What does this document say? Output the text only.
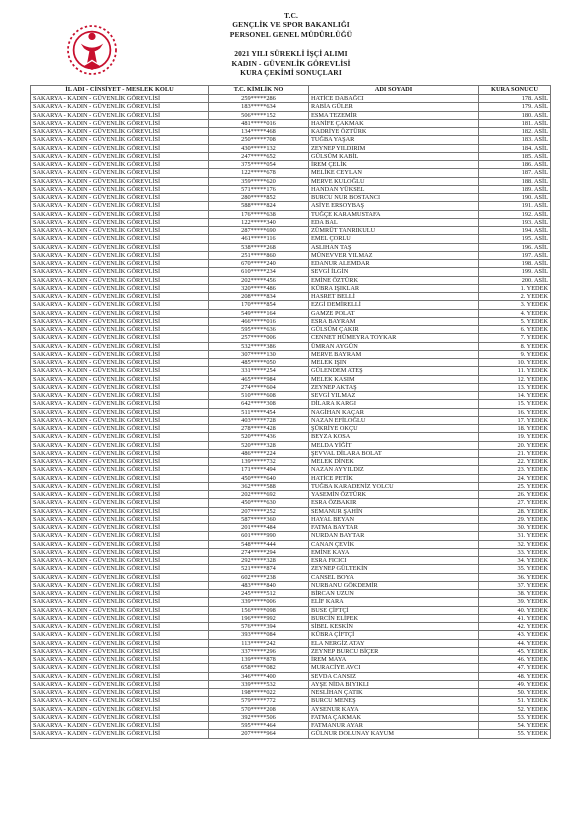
T.C.
GENÇLİK VE SPOR BAKANLIĞI
PERSONEL GENEL MÜDÜRLÜĞÜ
2021 YILI SÜREKLİ İŞÇİ ALIMI
KADIN - GÜVENLİK GÖREVLİSİ
KURA ÇEKİMİ SONUÇLARI
İL ADI - CİNSİYET - MESLEK KOLU	T.C. KİMLİK NO	ADI SOYADI	KURA SONUCU
SAKARYA - KADIN - GÜVENLİK GÖREVLİSİ	259*****286	HATİCE DABAĞCI	178. ASİL
SAKARYA - KADIN - GÜVENLİK GÖREVLİSİ	183*****634	RABİA GÜLER	179. ASİL
SAKARYA - KADIN - GÜVENLİK GÖREVLİSİ	506*****152	ESMA TEZEMİR	180. ASİL
SAKARYA - KADIN - GÜVENLİK GÖREVLİSİ	481*****016	HANİFE ÇAKMAK	181. ASİL
SAKARYA - KADIN - GÜVENLİK GÖREVLİSİ	134*****468	KADRİYE ÖZTÜRK	182. ASİL
SAKARYA - KADIN - GÜVENLİK GÖREVLİSİ	250*****708	TUĞBA YAŞAR	183. ASİL
SAKARYA - KADIN - GÜVENLİK GÖREVLİSİ	430*****132	ZEYNEP YILDIRIM	184. ASİL
SAKARYA - KADIN - GÜVENLİK GÖREVLİSİ	247*****652	GÜLSÜM KABİL	185. ASİL
SAKARYA - KADIN - GÜVENLİK GÖREVLİSİ	375*****054	İREM ÇELİK	186. ASİL
SAKARYA - KADIN - GÜVENLİK GÖREVLİSİ	122*****678	MELİKE CEYLAN	187. ASİL
SAKARYA - KADIN - GÜVENLİK GÖREVLİSİ	359*****620	MERVE KULOĞLU	188. ASİL
SAKARYA - KADIN - GÜVENLİK GÖREVLİSİ	571*****176	HANDAN YÜKSEL	189. ASİL
SAKARYA - KADIN - GÜVENLİK GÖREVLİSİ	280*****852	BURCU NUR BOSTANCI	190. ASİL
SAKARYA - KADIN - GÜVENLİK GÖREVLİSİ	588*****824	ASİYE ERSOYBAŞ	191. ASİL
SAKARYA - KADIN - GÜVENLİK GÖREVLİSİ	176*****638	TUĞÇE KARAMUSTAFA	192. ASİL
SAKARYA - KADIN - GÜVENLİK GÖREVLİSİ	122*****340	EDA BAL	193. ASİL
SAKARYA - KADIN - GÜVENLİK GÖREVLİSİ	287*****690	ZÜMRÜT TANRIKULU	194. ASİL
SAKARYA - KADIN - GÜVENLİK GÖREVLİSİ	461*****116	EMEL ÇORLU	195. ASİL
SAKARYA - KADIN - GÜVENLİK GÖREVLİSİ	538*****268	ASLIHAN TAŞ	196. ASİL
SAKARYA - KADIN - GÜVENLİK GÖREVLİSİ	251*****860	MÜNEVVER YILMAZ	197. ASİL
SAKARYA - KADIN - GÜVENLİK GÖREVLİSİ	670*****240	EDANUR ALEMDAR	198. ASİL
SAKARYA - KADIN - GÜVENLİK GÖREVLİSİ	610*****234	SEVGİ İLGİN	199. ASİL
SAKARYA - KADIN - GÜVENLİK GÖREVLİSİ	202*****456	EMİNE ÖZTÜRK	200. ASİL
SAKARYA - KADIN - GÜVENLİK GÖREVLİSİ	320*****486	KÜBRA IŞIKLAR	1. YEDEK
SAKARYA - KADIN - GÜVENLİK GÖREVLİSİ	208*****834	HASRET BELLİ	2. YEDEK
SAKARYA - KADIN - GÜVENLİK GÖREVLİSİ	170*****854	EZGİ DEMİRELLİ	3. YEDEK
SAKARYA - KADIN - GÜVENLİK GÖREVLİSİ	549*****164	GAMZE POLAT	4. YEDEK
SAKARYA - KADIN - GÜVENLİK GÖREVLİSİ	466*****016	ESRA BAYRAM	5. YEDEK
SAKARYA - KADIN - GÜVENLİK GÖREVLİSİ	595*****636	GÜLSÜM ÇAKIR	6. YEDEK
SAKARYA - KADIN - GÜVENLİK GÖREVLİSİ	257*****006	CENNET HÜMEYRA TOYKAR	7. YEDEK
SAKARYA - KADIN - GÜVENLİK GÖREVLİSİ	532*****386	ÜMRAN AYGÜN	8. YEDEK
SAKARYA - KADIN - GÜVENLİK GÖREVLİSİ	307*****130	MERVE BAYRAM	9. YEDEK
SAKARYA - KADIN - GÜVENLİK GÖREVLİSİ	485*****050	MELEK IŞIN	10. YEDEK
SAKARYA - KADIN - GÜVENLİK GÖREVLİSİ	331*****254	GÜLENDEM ATEŞ	11. YEDEK
SAKARYA - KADIN - GÜVENLİK GÖREVLİSİ	465*****984	MELEK KASIM	12. YEDEK
SAKARYA - KADIN - GÜVENLİK GÖREVLİSİ	274*****604	ZEYNEP AKTAŞ	13. YEDEK
SAKARYA - KADIN - GÜVENLİK GÖREVLİSİ	510*****608	SEVGİ YILMAZ	14. YEDEK
SAKARYA - KADIN - GÜVENLİK GÖREVLİSİ	642*****308	DİLARA KARGI	15. YEDEK
SAKARYA - KADIN - GÜVENLİK GÖREVLİSİ	511*****454	NAGİHAN KAÇAR	16. YEDEK
SAKARYA - KADIN - GÜVENLİK GÖREVLİSİ	403*****728	NAZAN EFİLOĞLU	17. YEDEK
SAKARYA - KADIN - GÜVENLİK GÖREVLİSİ	278*****428	ŞÜKRİYE OKÇU	18. YEDEK
SAKARYA - KADIN - GÜVENLİK GÖREVLİSİ	520*****436	BEYZA KOSA	19. YEDEK
SAKARYA - KADIN - GÜVENLİK GÖREVLİSİ	520*****328	MELDA YİĞİT	20. YEDEK
SAKARYA - KADIN - GÜVENLİK GÖREVLİSİ	486*****224	ŞEVVAL DİLARA BOLAT	21. YEDEK
SAKARYA - KADIN - GÜVENLİK GÖREVLİSİ	139*****732	MELEK DİNEK	22. YEDEK
SAKARYA - KADIN - GÜVENLİK GÖREVLİSİ	171*****494	NAZAN AYYILDIZ	23. YEDEK
SAKARYA - KADIN - GÜVENLİK GÖREVLİSİ	450*****640	HATİCE PETİK	24. YEDEK
SAKARYA - KADIN - GÜVENLİK GÖREVLİSİ	362*****588	TUĞBA KARADENİZ YOLCU	25. YEDEK
SAKARYA - KADIN - GÜVENLİK GÖREVLİSİ	202*****692	YASEMİN ÖZTÜRK	26. YEDEK
SAKARYA - KADIN - GÜVENLİK GÖREVLİSİ	450*****630	ESRA ÖZBAKIR	27. YEDEK
SAKARYA - KADIN - GÜVENLİK GÖREVLİSİ	207*****252	SEMANUR ŞAHİN	28. YEDEK
SAKARYA - KADIN - GÜVENLİK GÖREVLİSİ	587*****360	HAYAL BEYAN	29. YEDEK
SAKARYA - KADIN - GÜVENLİK GÖREVLİSİ	201*****484	FATMA BAYTAR	30. YEDEK
SAKARYA - KADIN - GÜVENLİK GÖREVLİSİ	601*****990	NURDAN BAYTAR	31. YEDEK
SAKARYA - KADIN - GÜVENLİK GÖREVLİSİ	548*****444	CANAN ÇEVİK	32. YEDEK
SAKARYA - KADIN - GÜVENLİK GÖREVLİSİ	274*****294	EMİNE KAYA	33. YEDEK
SAKARYA - KADIN - GÜVENLİK GÖREVLİSİ	292*****328	ESRA FICICI	34. YEDEK
SAKARYA - KADIN - GÜVENLİK GÖREVLİSİ	521*****874	ZEYNEP GÜLTEKİN	35. YEDEK
SAKARYA - KADIN - GÜVENLİK GÖREVLİSİ	602*****238	CANSEL BOYA	36. YEDEK
SAKARYA - KADIN - GÜVENLİK GÖREVLİSİ	483*****840	NURBANU GÖKDEMİR	37. YEDEK
SAKARYA - KADIN - GÜVENLİK GÖREVLİSİ	245*****512	BİRCAN UZUN	38. YEDEK
SAKARYA - KADIN - GÜVENLİK GÖREVLİSİ	339*****006	ELİF KARA	39. YEDEK
SAKARYA - KADIN - GÜVENLİK GÖREVLİSİ	156*****098	BUSE ÇİFTÇİ	40. YEDEK
SAKARYA - KADIN - GÜVENLİK GÖREVLİSİ	196*****992	BURCİN ELİPEK	41. YEDEK
SAKARYA - KADIN - GÜVENLİK GÖREVLİSİ	576*****394	SİBEL KESKİN	42. YEDEK
SAKARYA - KADIN - GÜVENLİK GÖREVLİSİ	393*****084	KÜBRA ÇİFTÇİ	43. YEDEK
SAKARYA - KADIN - GÜVENLİK GÖREVLİSİ	113*****242	ELA NERGİZ ATAY	44. YEDEK
SAKARYA - KADIN - GÜVENLİK GÖREVLİSİ	337*****296	ZEYNEP BURCU BİÇER	45. YEDEK
SAKARYA - KADIN - GÜVENLİK GÖREVLİSİ	139*****878	İREM MAYA	46. YEDEK
SAKARYA - KADIN - GÜVENLİK GÖREVLİSİ	658*****082	MURACİYE AVCI	47. YEDEK
SAKARYA - KADIN - GÜVENLİK GÖREVLİSİ	346*****400	SEVDA CANSIZ	48. YEDEK
SAKARYA - KADIN - GÜVENLİK GÖREVLİSİ	339*****532	AYŞE NİDA BIYIKLI	49. YEDEK
SAKARYA - KADIN - GÜVENLİK GÖREVLİSİ	198*****022	NESLİHAN ÇATIK	50. YEDEK
SAKARYA - KADIN - GÜVENLİK GÖREVLİSİ	579*****772	BURCU MENEŞ	51. YEDEK
SAKARYA - KADIN - GÜVENLİK GÖREVLİSİ	570*****208	AYSENUR KAYA	52. YEDEK
SAKARYA - KADIN - GÜVENLİK GÖREVLİSİ	392*****506	FATMA ÇAKMAK	53. YEDEK
SAKARYA - KADIN - GÜVENLİK GÖREVLİSİ	595*****464	FATMANUR AYAR	54. YEDEK
SAKARYA - KADIN - GÜVENLİK GÖREVLİSİ	207*****964	GÜLNUR DOLUNAY KAYUM	55. YEDEK
